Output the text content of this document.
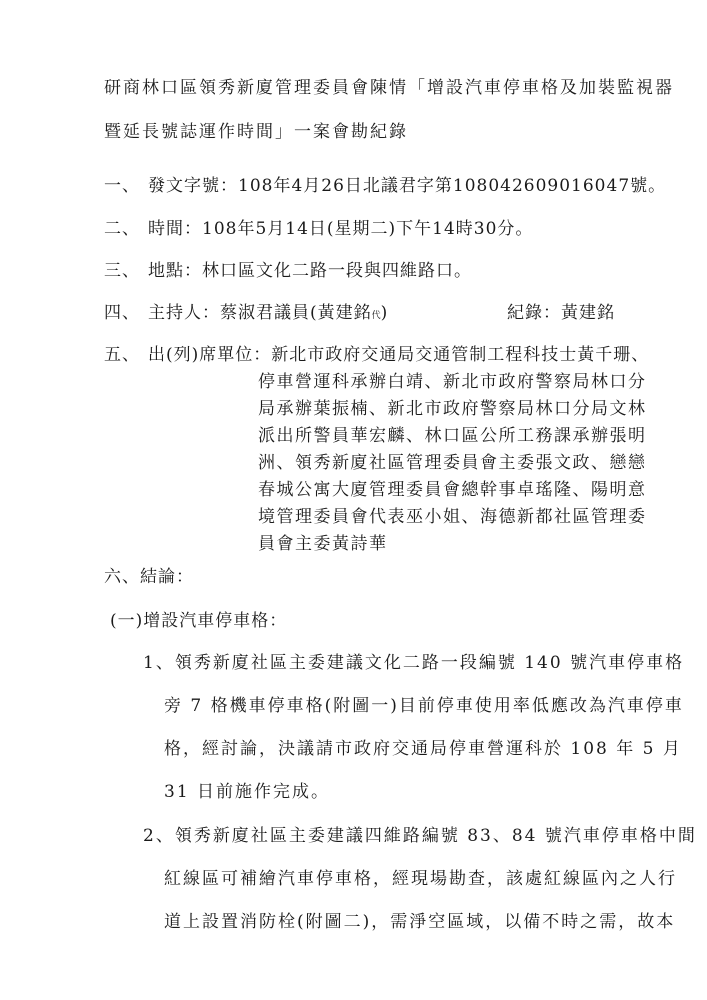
研商林口區領秀新廈管理委員會陳情「增設汽車停車格及加裝監視器
暨延長號誌運作時間」一案會勘紀錄
一、 發文字號：108年4月26日北議君字第108042609016047號。
二、 時間：108年5月14日(星期二)下午14時30分。
三、 地點：林口區文化二路一段與四維路口。
四、 主持人：蔡淑君議員(黃建銘代)	紀錄：黃建銘
五、 出(列)席單位：新北市政府交通局交通管制工程科技士黃千珊、
停車營運科承辦白靖、新北市政府警察局林口分
局承辦葉振楠、新北市政府警察局林口分局文林
派出所警員華宏麟、林口區公所工務課承辦張明
洲、領秀新廈社區管理委員會主委張文政、戀戀
春城公寓大廈管理委員會總幹事卓瑤隆、陽明意
境管理委員會代表巫小姐、海德新都社區管理委
員會主委黃詩華
六、結論：
(一)增設汽車停車格：
1、領秀新廈社區主委建議文化二路一段編號 140 號汽車停車格
旁 7 格機車停車格(附圖一)目前停車使用率低應改為汽車停車
格，經討論，決議請市政府交通局停車營運科於 108 年 5 月
31 日前施作完成。
2、領秀新廈社區主委建議四維路編號 83、84 號汽車停車格中間
紅線區可補繪汽車停車格，經現場勘查，該處紅線區內之人行
道上設置消防栓(附圖二)，需淨空區域，以備不時之需，故本
